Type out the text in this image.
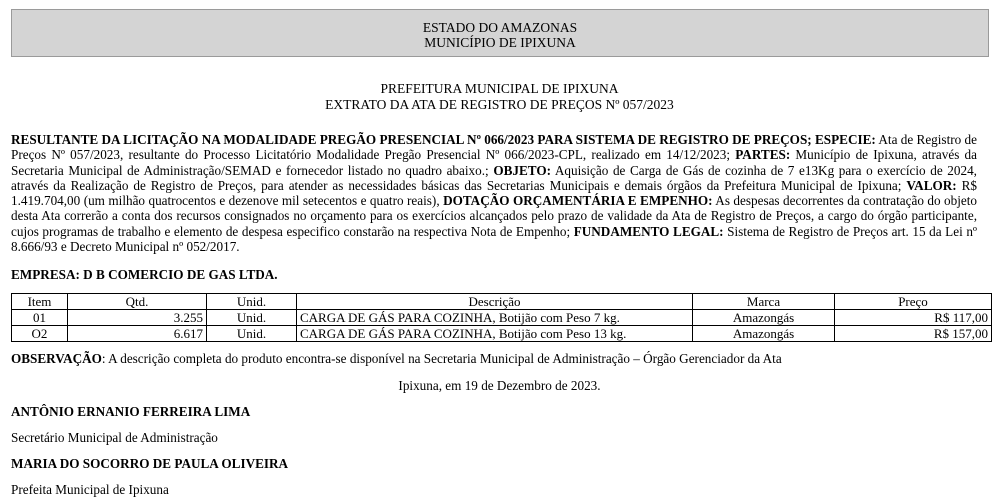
ESTADO DO AMAZONAS
MUNICÍPIO DE IPIXUNA
PREFEITURA MUNICIPAL DE IPIXUNA
EXTRATO DA ATA DE REGISTRO DE PREÇOS Nº 057/2023
RESULTANTE DA LICITAÇÃO NA MODALIDADE PREGÃO PRESENCIAL Nº 066/2023 PARA SISTEMA DE REGISTRO DE PREÇOS; ESPECIE: Ata de Registro de Preços Nº 057/2023, resultante do Processo Licitatório Modalidade Pregão Presencial Nº 066/2023-CPL, realizado em 14/12/2023; PARTES: Município de Ipixuna, através da Secretaria Municipal de Administração/SEMAD e fornecedor listado no quadro abaixo.; OBJETO: Aquisição de Carga de Gás de cozinha de 7 e13Kg para o exercício de 2024, através da Realização de Registro de Preços, para atender as necessidades básicas das Secretarias Municipais e demais órgãos da Prefeitura Municipal de Ipixuna; VALOR: R$ 1.419.704,00 (um milhão quatrocentos e dezenove mil setecentos e quatro reais), DOTAÇÃO ORÇAMENTÁRIA E EMPENHO: As despesas decorrentes da contratação do objeto desta Ata correrão a conta dos recursos consignados no orçamento para os exercícios alcançados pelo prazo de validade da Ata de Registro de Preços, a cargo do órgão participante, cujos programas de trabalho e elemento de despesa especifico constarão na respectiva Nota de Empenho; FUNDAMENTO LEGAL: Sistema de Registro de Preços art. 15 da Lei nº 8.666/93 e Decreto Municipal nº 052/2017.
EMPRESA: D B COMERCIO DE GAS LTDA.
Item	Qtd.	Unid.	Descrição	Marca	Preço
01	3.255	Unid.	CARGA DE GÁS PARA COZINHA, Botijão com Peso 7 kg.	Amazongás	R$ 117,00
O2	6.617	Unid.	CARGA DE GÁS PARA COZINHA, Botijão com Peso 13 kg.	Amazongás	R$ 157,00
OBSERVAÇÃO: A descrição completa do produto encontra-se disponível na Secretaria Municipal de Administração – Órgão Gerenciador da Ata
Ipixuna, em 19 de Dezembro de 2023.
ANTÔNIO ERNANIO FERREIRA LIMA
Secretário Municipal de Administração
MARIA DO SOCORRO DE PAULA OLIVEIRA
Prefeita Municipal de Ipixuna
